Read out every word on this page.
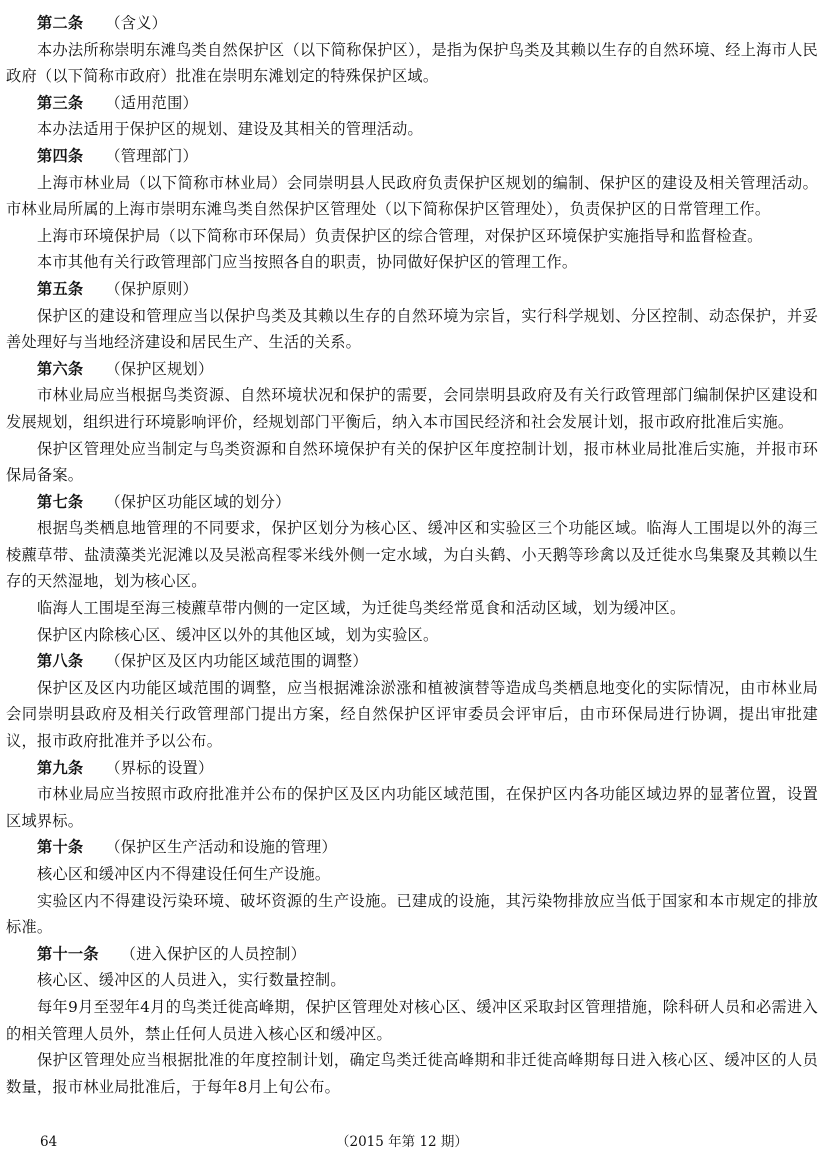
第二条 （含义）
本办法所称崇明东滩鸟类自然保护区（以下简称保护区），是指为保护鸟类及其赖以生存的自然环境、经上海市人民政府（以下简称市政府）批准在崇明东滩划定的特殊保护区域。
第三条 （适用范围）
本办法适用于保护区的规划、建设及其相关的管理活动。
第四条 （管理部门）
上海市林业局（以下简称市林业局）会同崇明县人民政府负责保护区规划的编制、保护区的建设及相关管理活动。市林业局所属的上海市崇明东滩鸟类自然保护区管理处（以下简称保护区管理处），负责保护区的日常管理工作。
上海市环境保护局（以下简称市环保局）负责保护区的综合管理，对保护区环境保护实施指导和监督检查。
本市其他有关行政管理部门应当按照各自的职责，协同做好保护区的管理工作。
第五条 （保护原则）
保护区的建设和管理应当以保护鸟类及其赖以生存的自然环境为宗旨，实行科学规划、分区控制、动态保护，并妥善处理好与当地经济建设和居民生产、生活的关系。
第六条 （保护区规划）
市林业局应当根据鸟类资源、自然环境状况和保护的需要，会同崇明县政府及有关行政管理部门编制保护区建设和发展规划，组织进行环境影响评价，经规划部门平衡后，纳入本市国民经济和社会发展计划，报市政府批准后实施。
保护区管理处应当制定与鸟类资源和自然环境保护有关的保护区年度控制计划，报市林业局批准后实施，并报市环保局备案。
第七条 （保护区功能区域的划分）
根据鸟类栖息地管理的不同要求，保护区划分为核心区、缓冲区和实验区三个功能区域。临海人工围堤以外的海三棱藨草带、盐渍藻类光泥滩以及吴淞高程零米线外侧一定水域，为白头鹤、小天鹅等珍禽以及迁徙水鸟集聚及其赖以生存的天然湿地，划为核心区。
临海人工围堤至海三棱藨草带内侧的一定区域，为迁徙鸟类经常觅食和活动区域，划为缓冲区。
保护区内除核心区、缓冲区以外的其他区域，划为实验区。
第八条 （保护区及区内功能区域范围的调整）
保护区及区内功能区域范围的调整，应当根据滩涂淤涨和植被演替等造成鸟类栖息地变化的实际情况，由市林业局会同崇明县政府及相关行政管理部门提出方案，经自然保护区评审委员会评审后，由市环保局进行协调，提出审批建议，报市政府批准并予以公布。
第九条 （界标的设置）
市林业局应当按照市政府批准并公布的保护区及区内功能区域范围，在保护区内各功能区域边界的显著位置，设置区域界标。
第十条 （保护区生产活动和设施的管理）
核心区和缓冲区内不得建设任何生产设施。
实验区内不得建设污染环境、破坏资源的生产设施。已建成的设施，其污染物排放应当低于国家和本市规定的排放标准。
第十一条 （进入保护区的人员控制）
核心区、缓冲区的人员进入，实行数量控制。
每年9月至翌年4月的鸟类迁徙高峰期，保护区管理处对核心区、缓冲区采取封区管理措施，除科研人员和必需进入的相关管理人员外，禁止任何人员进入核心区和缓冲区。
保护区管理处应当根据批准的年度控制计划，确定鸟类迁徙高峰期和非迁徙高峰期每日进入核心区、缓冲区的人员数量，报市林业局批准后，于每年8月上旬公布。
64	（2015 年第 12 期）
